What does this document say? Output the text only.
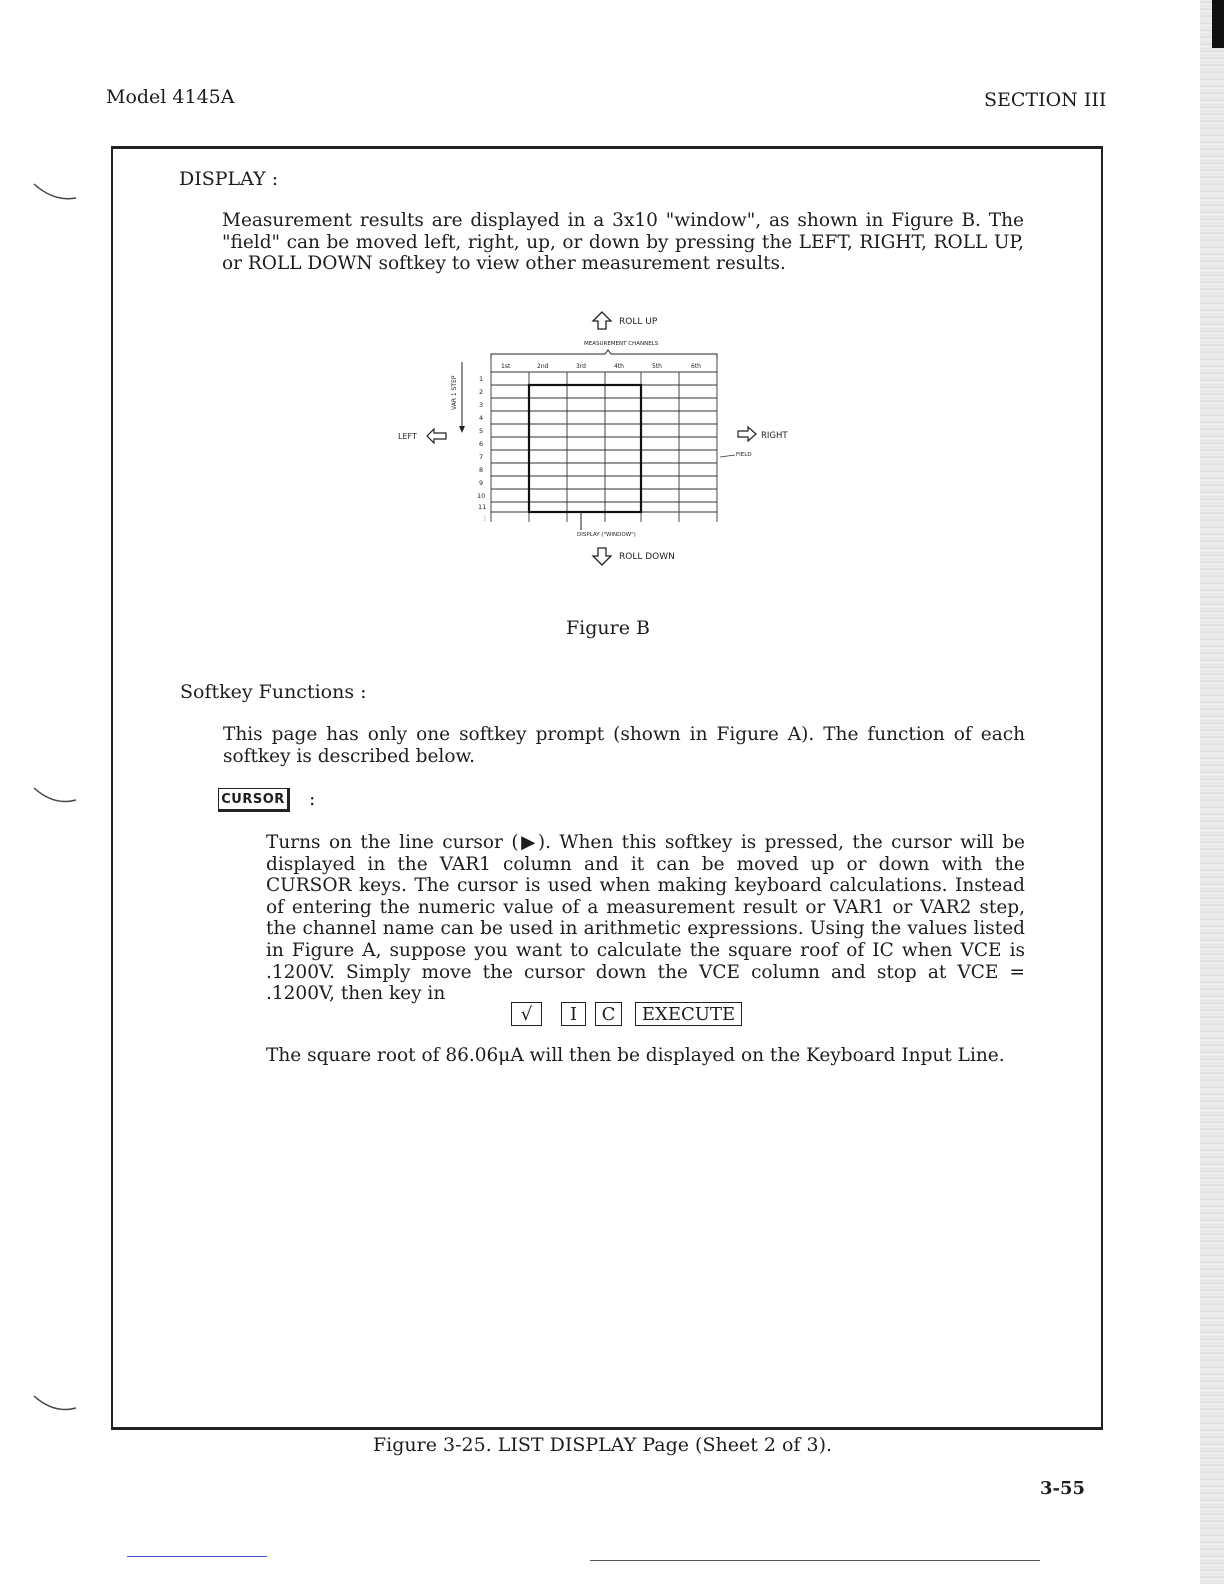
Model 4145A	SECTION III
DISPLAY :
Measurement results are displayed in a 3x10 "window", as shown in Figure B. The "field" can be moved left, right, up, or down by pressing the LEFT, RIGHT, ROLL UP, or ROLL DOWN softkey to view other measurement results.
ROLL UP
MEASUREMENT CHANNELS
1st	2nd	3rd	4th	5th	6th
1
2
3
4
5
6
7
8
9
10
11
⋮
VAR 1 STEP
LEFT	RIGHT
FIELD
DISPLAY ("WINDOW")
ROLL DOWN
Figure B
Softkey Functions :
This page has only one softkey prompt (shown in Figure A). The function of each softkey is described below.
CURSOR :
Turns on the line cursor (▶). When this softkey is pressed, the cursor will be displayed in the VAR1 column and it can be moved up or down with the CURSOR keys. The cursor is used when making keyboard calculations. Instead of entering the numeric value of a measurement result or VAR1 or VAR2 step, the channel name can be used in arithmetic expressions. Using the values listed in Figure A, suppose you want to calculate the square roof of IC when VCE is .1200V. Simply move the cursor down the VCE column and stop at VCE = .1200V, then key in
√	I	C	EXECUTE
The square root of 86.06μA will then be displayed on the Keyboard Input Line.
Figure 3-25. LIST DISPLAY Page (Sheet 2 of 3).
3-55
